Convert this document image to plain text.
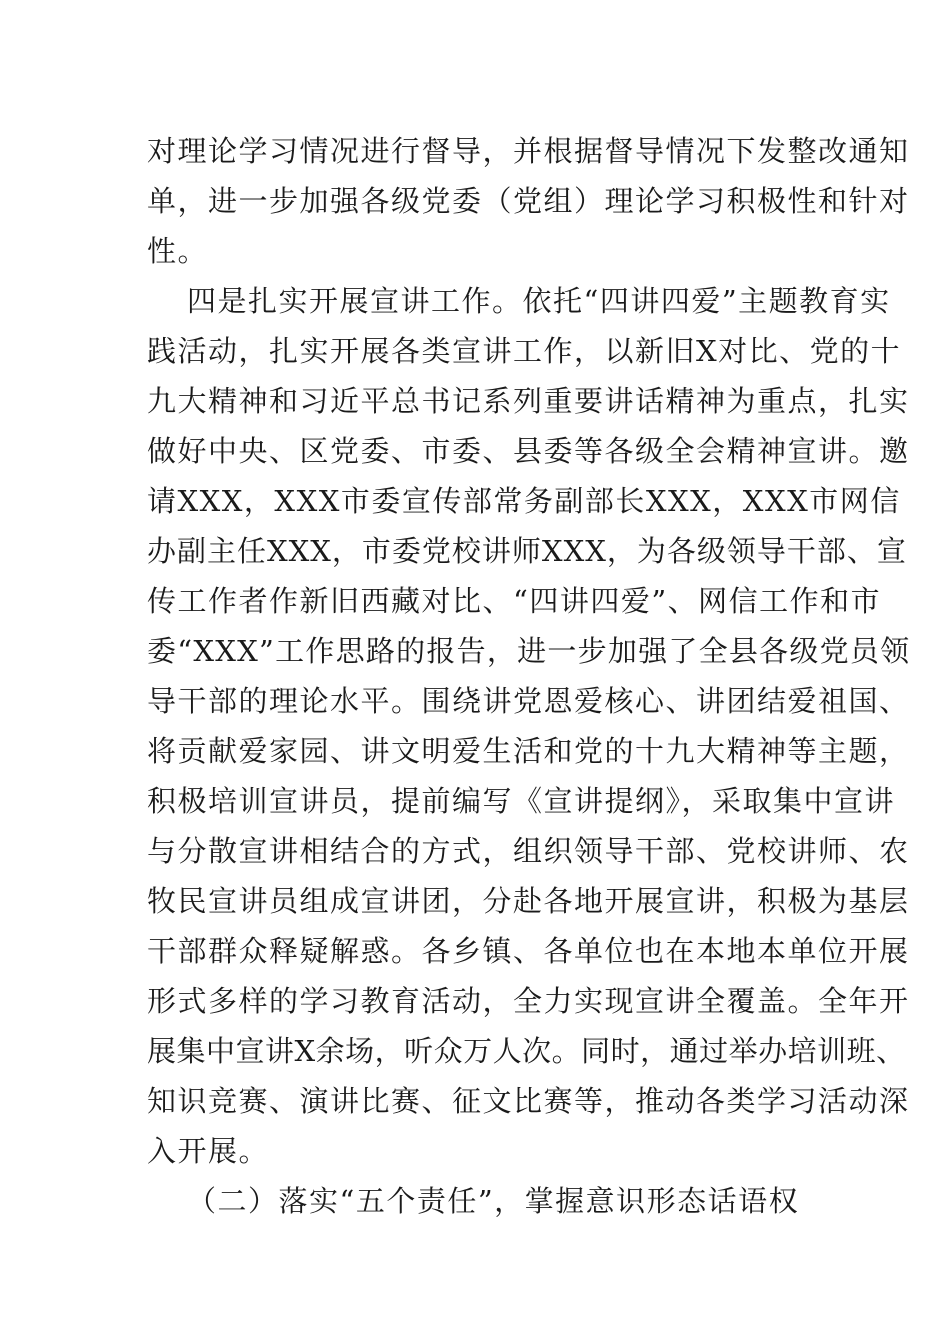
对理论学习情况进行督导，并根据督导情况下发整改通知

单，进一步加强各级党委（党组）理论学习积极性和针对

性。

四是扎实开展宣讲工作。依托“四讲四爱”主题教育实

践活动，扎实开展各类宣讲工作，以新旧X对比、党的十

九大精神和习近平总书记系列重要讲话精神为重点，扎实

做好中央、区党委、市委、县委等各级全会精神宣讲。邀

请XXX，XXX市委宣传部常务副部长XXX，XXX市网信

办副主任XXX，市委党校讲师XXX，为各级领导干部、宣

传工作者作新旧西藏对比、“四讲四爱”、网信工作和市

委“XXX”工作思路的报告，进一步加强了全县各级党员领

导干部的理论水平。围绕讲党恩爱核心、讲团结爱祖国、

将贡献爱家园、讲文明爱生活和党的十九大精神等主题，

积极培训宣讲员，提前编写《宣讲提纲》，采取集中宣讲

与分散宣讲相结合的方式，组织领导干部、党校讲师、农

牧民宣讲员组成宣讲团，分赴各地开展宣讲，积极为基层

干部群众释疑解惑。各乡镇、各单位也在本地本单位开展

形式多样的学习教育活动，全力实现宣讲全覆盖。全年开

展集中宣讲X余场，听众万人次。同时，通过举办培训班、

知识竞赛、演讲比赛、征文比赛等，推动各类学习活动深

入开展。

（二）落实“五个责任”，掌握意识形态话语权
